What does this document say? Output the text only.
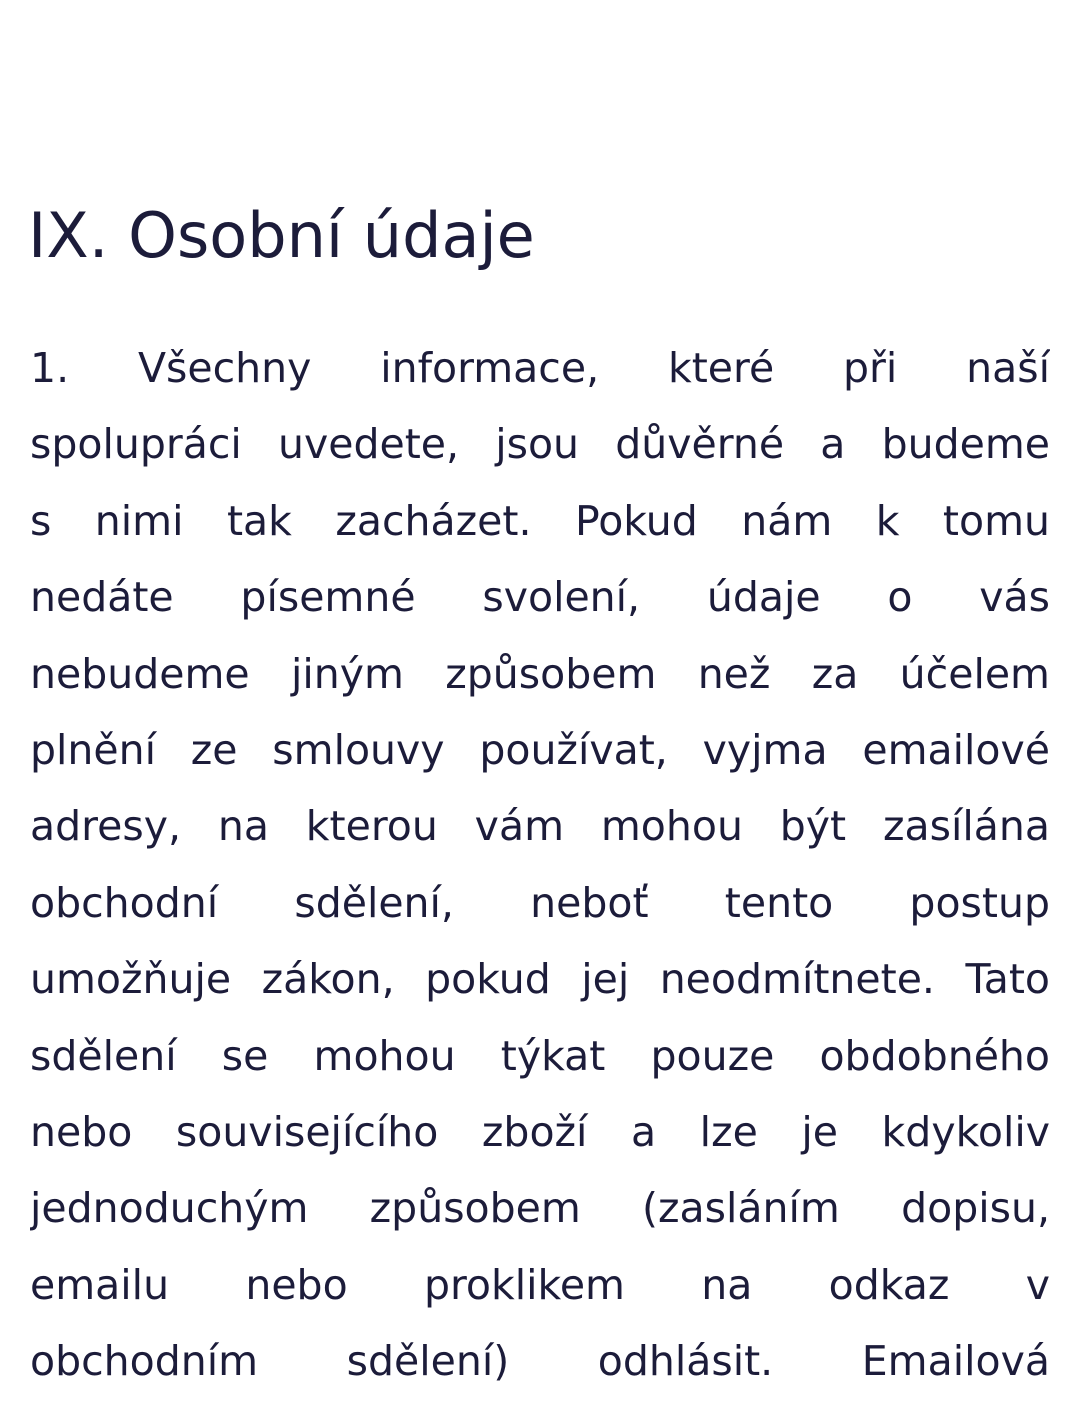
IX. Osobní údaje
1. Všechny informace, které při naší
spolupráci uvedete, jsou důvěrné a budeme
s nimi tak zacházet. Pokud nám k tomu
nedáte písemné svolení, údaje o vás
nebudeme jiným způsobem než za účelem
plnění ze smlouvy používat, vyjma emailové
adresy, na kterou vám mohou být zasílána
obchodní sdělení, neboť tento postup
umožňuje zákon, pokud jej neodmítnete. Tato
sdělení se mohou týkat pouze obdobného
nebo souvisejícího zboží a lze je kdykoliv
jednoduchým způsobem (zasláním dopisu,
emailu nebo proklikem na odkaz v
obchodním sdělení) odhlásit. Emailová
